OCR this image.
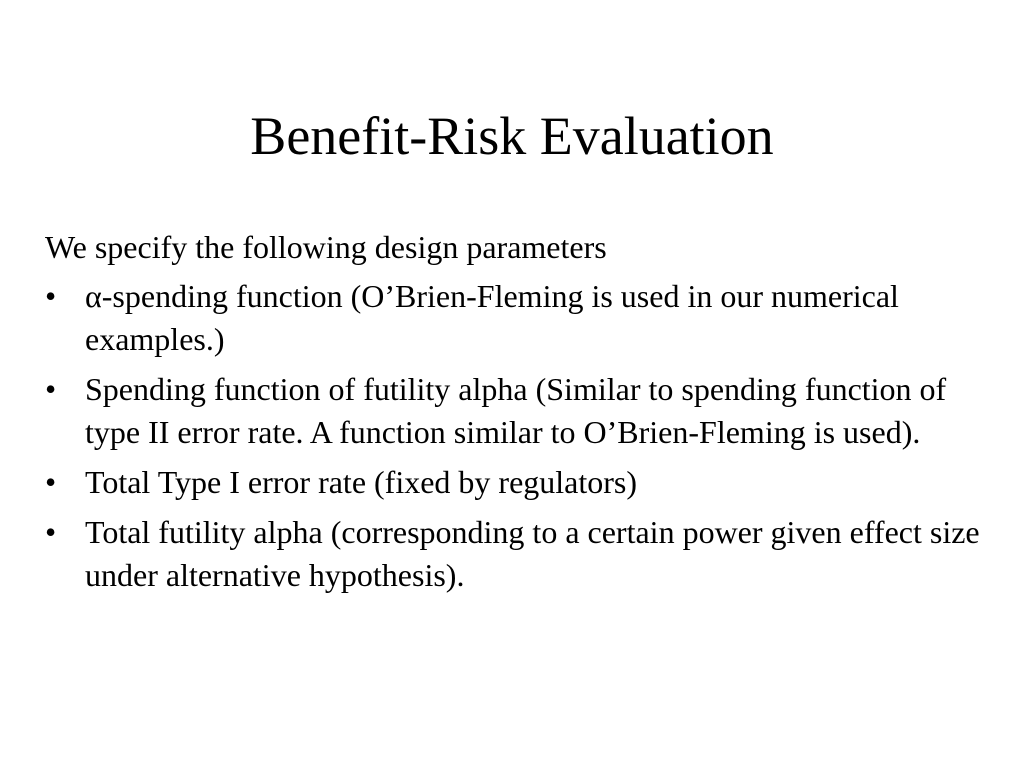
Benefit-Risk Evaluation

We specify the following design parameters

• α-spending function (O’Brien-Fleming is used in our numerical examples.)
• Spending function of futility alpha (Similar to spending function of type II error rate. A function similar to O’Brien-Fleming is used).
• Total Type I error rate (fixed by regulators)
• Total futility alpha (corresponding to a certain power given effect size under alternative hypothesis).
